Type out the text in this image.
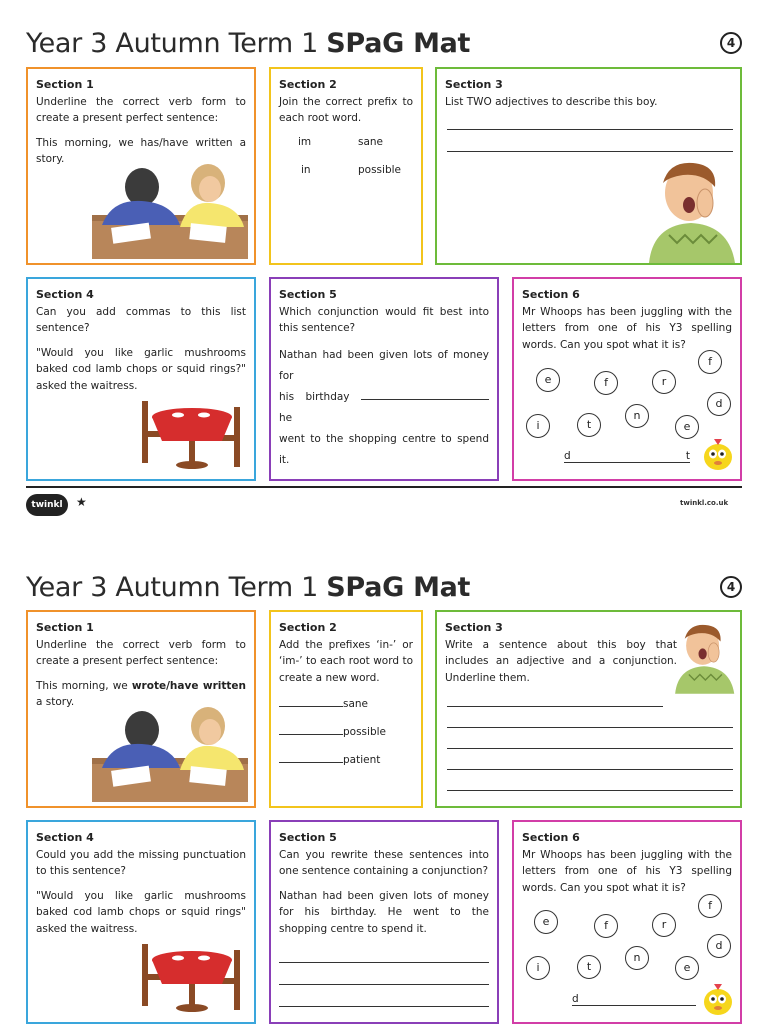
Year 3 Autumn Term 1 SPaG Mat	4
Section 1

Underline the correct verb form to create a present perfect sentence:

This morning, we has/have written a story.

Section 2

Join the correct prefix to each root word.

im	sane
in	possible
Section 3

List TWO adjectives to describe this boy.

Section 4

Can you add commas to this list sentence?

"Would you like garlic mushrooms baked cod lamb chops or squid rings?" asked the waitress.

Section 5

Which conjunction would fit best into this sentence?

Nathan had been given lots of money for
his birthday  he
went to the shopping centre to spend it.

Section 6

Mr Whoops has been juggling with the letters from one of his Y3 spelling words. Can you spot what it is?

f
e	f	r
d
n
i	t	e
d	t
twinkl	★	twinkl.co.uk
Year 3 Autumn Term 1 SPaG Mat	4
Section 1

Underline the correct verb form to create a present perfect sentence:

This morning, we wrote/have written a story.

Section 2

Add the prefixes ‘in-’ or ‘im-’ to each root word to create a new word.

sane
possible
patient
Section 3

Write a sentence about this boy that includes an adjective and a conjunction. Underline them.

Section 4

Could you add the missing punctuation to this sentence?

"Would you like garlic mushrooms baked cod lamb chops or squid rings" asked the waitress.

Section 5

Can you rewrite these sentences into one sentence containing a conjunction?

Nathan had been given lots of money for his birthday. He went to the shopping centre to spend it.

Section 6

Mr Whoops has been juggling with the letters from one of his Y3 spelling words. Can you spot what it is?

f
e	f	r
d
n
i	t	e
d
